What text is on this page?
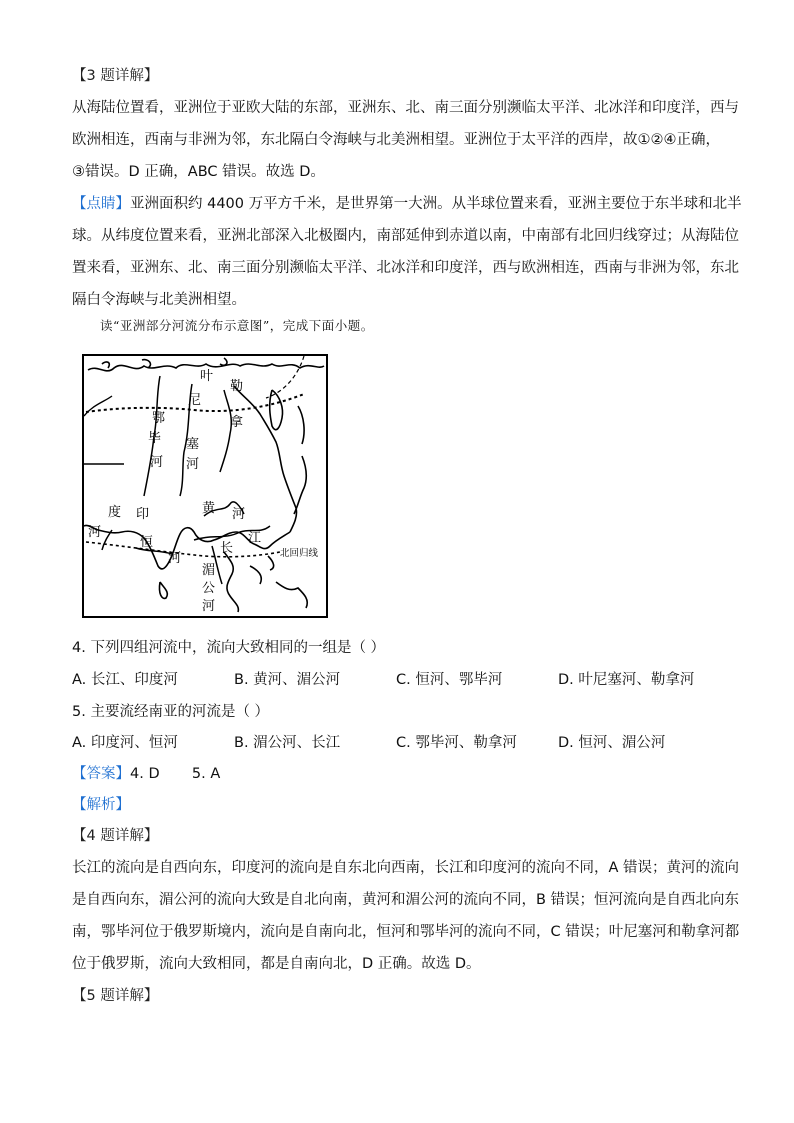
【3 题详解】
从海陆位置看，亚洲位于亚欧大陆的东部，亚洲东、北、南三面分别濒临太平洋、北冰洋和印度洋，西与
欧洲相连，西南与非洲为邻，东北隔白令海峡与北美洲相望。亚洲位于太平洋的西岸，故①②④正确，
③错误。D 正确，ABC 错误。故选 D。
【点睛】亚洲面积约 4400 万平方千米，是世界第一大洲。从半球位置来看，亚洲主要位于东半球和北半
球。从纬度位置来看，亚洲北部深入北极圈内，南部延伸到赤道以南，中南部有北回归线穿过；从海陆位
置来看，亚洲东、北、南三面分别濒临太平洋、北冰洋和印度洋，西与欧洲相连，西南与非洲为邻，东北
隔白令海峡与北美洲相望。
读“亚洲部分河流分布示意图”，完成下面小题。
叶
勒
鄂
尼
拿
毕 塞
河 河
黄 河
度 印
河
恒
河
长
江
湄
公
河
北回归线
4. 下列四组河流中，流向大致相同的一组是（ ）
A. 长江、印度河	B. 黄河、湄公河	C. 恒河、鄂毕河	D. 叶尼塞河、勒拿河
5. 主要流经南亚的河流是（ ）
A. 印度河、恒河	B. 湄公河、长江	C. 鄂毕河、勒拿河	D. 恒河、湄公河
【答案】4. D       5. A
【解析】
【4 题详解】
长江的流向是自西向东，印度河的流向是自东北向西南，长江和印度河的流向不同，A 错误；黄河的流向
是自西向东，湄公河的流向大致是自北向南，黄河和湄公河的流向不同，B 错误；恒河流向是自西北向东
南，鄂毕河位于俄罗斯境内，流向是自南向北，恒河和鄂毕河的流向不同，C 错误；叶尼塞河和勒拿河都
位于俄罗斯，流向大致相同，都是自南向北，D 正确。故选 D。
【5 题详解】
